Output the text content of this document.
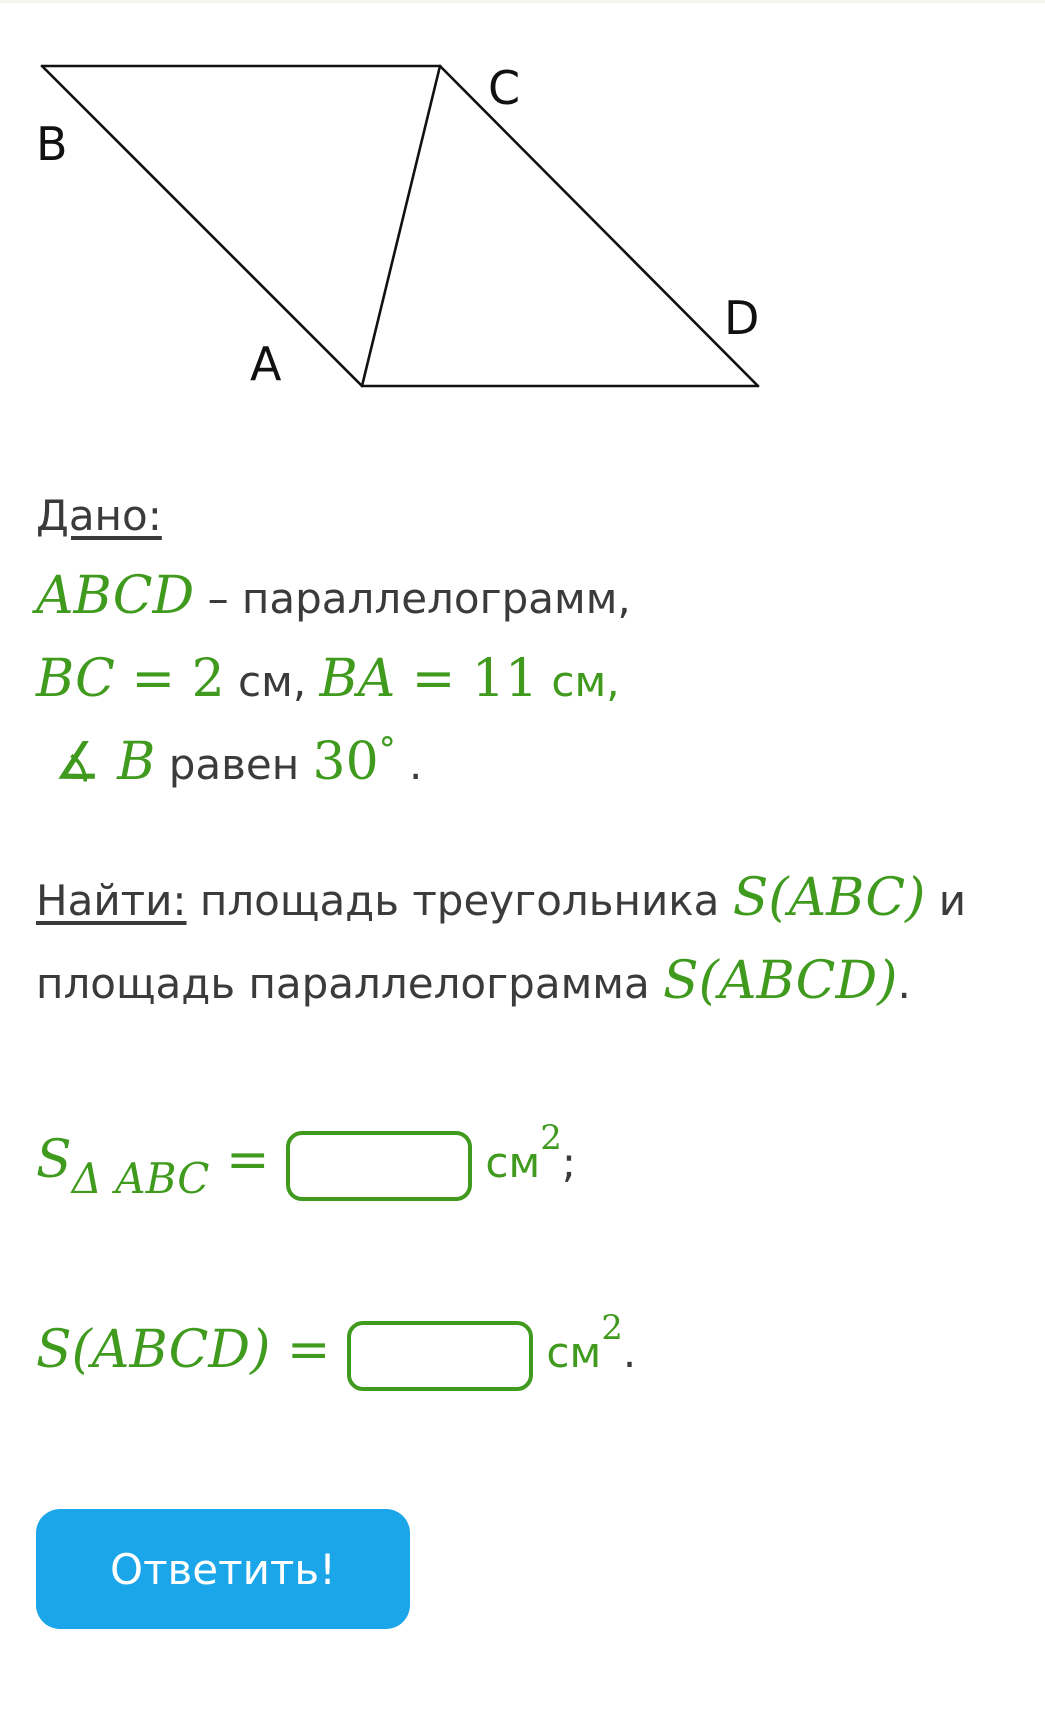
B
C
A
D
Дано:
ABCD – параллелограмм,
BC = 2 см, BA = 11 см,
∡ B равен 30° .
Найти: площадь треугольника S(ABC) и
площадь параллелограмма S(ABCD).
SΔ ABC =	$см^2$;
S(ABCD) =	$см^2$.
Ответить!
